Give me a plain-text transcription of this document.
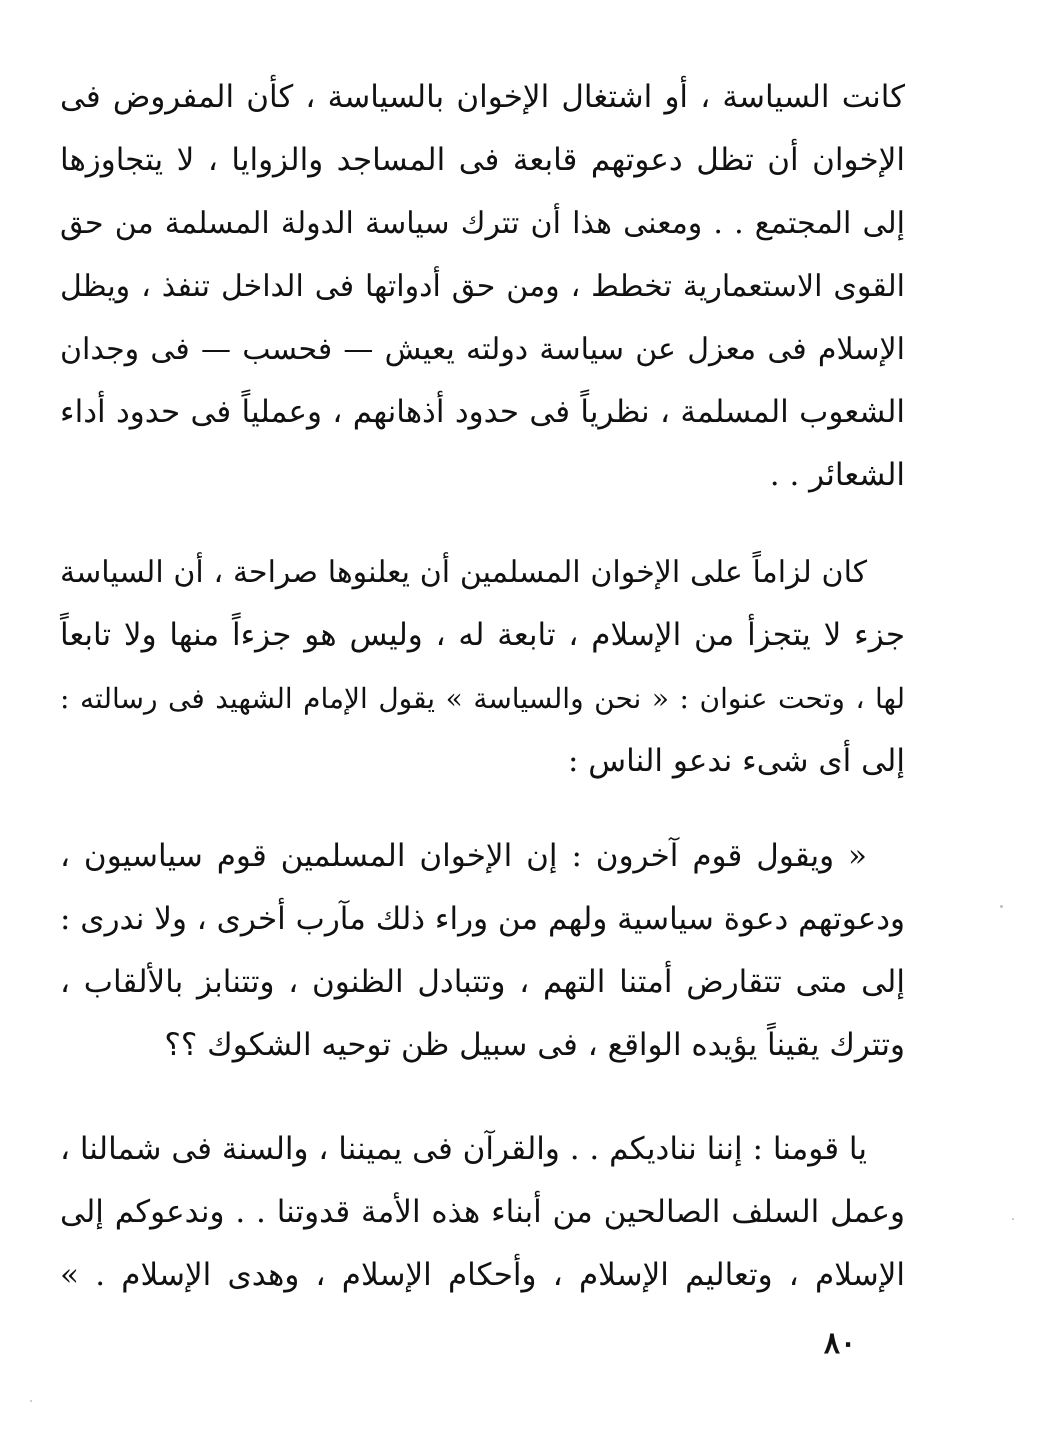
كانت السياسة ، أو اشتغال الإخوان بالسياسة ، كأن المفروض فى
الإخوان أن تظل دعوتهم قابعة فى المساجد والزوايا ، لا يتجاوزها
إلى المجتمع . . ومعنى هذا أن تترك سياسة الدولة المسلمة من حق
القوى الاستعمارية تخطط ، ومن حق أدواتها فى الداخل تنفذ ، ويظل
الإسلام فى معزل عن سياسة دولته يعيش — فحسب — فى وجدان
الشعوب المسلمة ، نظرياً فى حدود أذهانهم ، وعملياً فى حدود أداء
الشعائر . .
كان لزاماً على الإخوان المسلمين أن يعلنوها صراحة ، أن السياسة
جزء لا يتجزأ من الإسلام ، تابعة له ، وليس هو جزءاً منها ولا تابعاً
لها ، وتحت عنوان : « نحن والسياسة » يقول الإمام الشهيد فى رسالته :
إلى أى شىء ندعو الناس :
« ويقول قوم آخرون : إن الإخوان المسلمين قوم سياسيون ،
ودعوتهم دعوة سياسية ولهم من وراء ذلك مآرب أخرى ، ولا ندرى :
إلى متى تتقارض أمتنا التهم ، وتتبادل الظنون ، وتتنابز بالألقاب ،
وتترك يقيناً يؤيده الواقع ، فى سبيل ظن توحيه الشكوك ؟؟
يا قومنا : إننا نناديكم . . والقرآن فى يميننا ، والسنة فى شمالنا ،
وعمل السلف الصالحين من أبناء هذه الأمة قدوتنا . . وندعوكم إلى
الإسلام ، وتعاليم الإسلام ، وأحكام الإسلام ، وهدى الإسلام . »
٨٠
